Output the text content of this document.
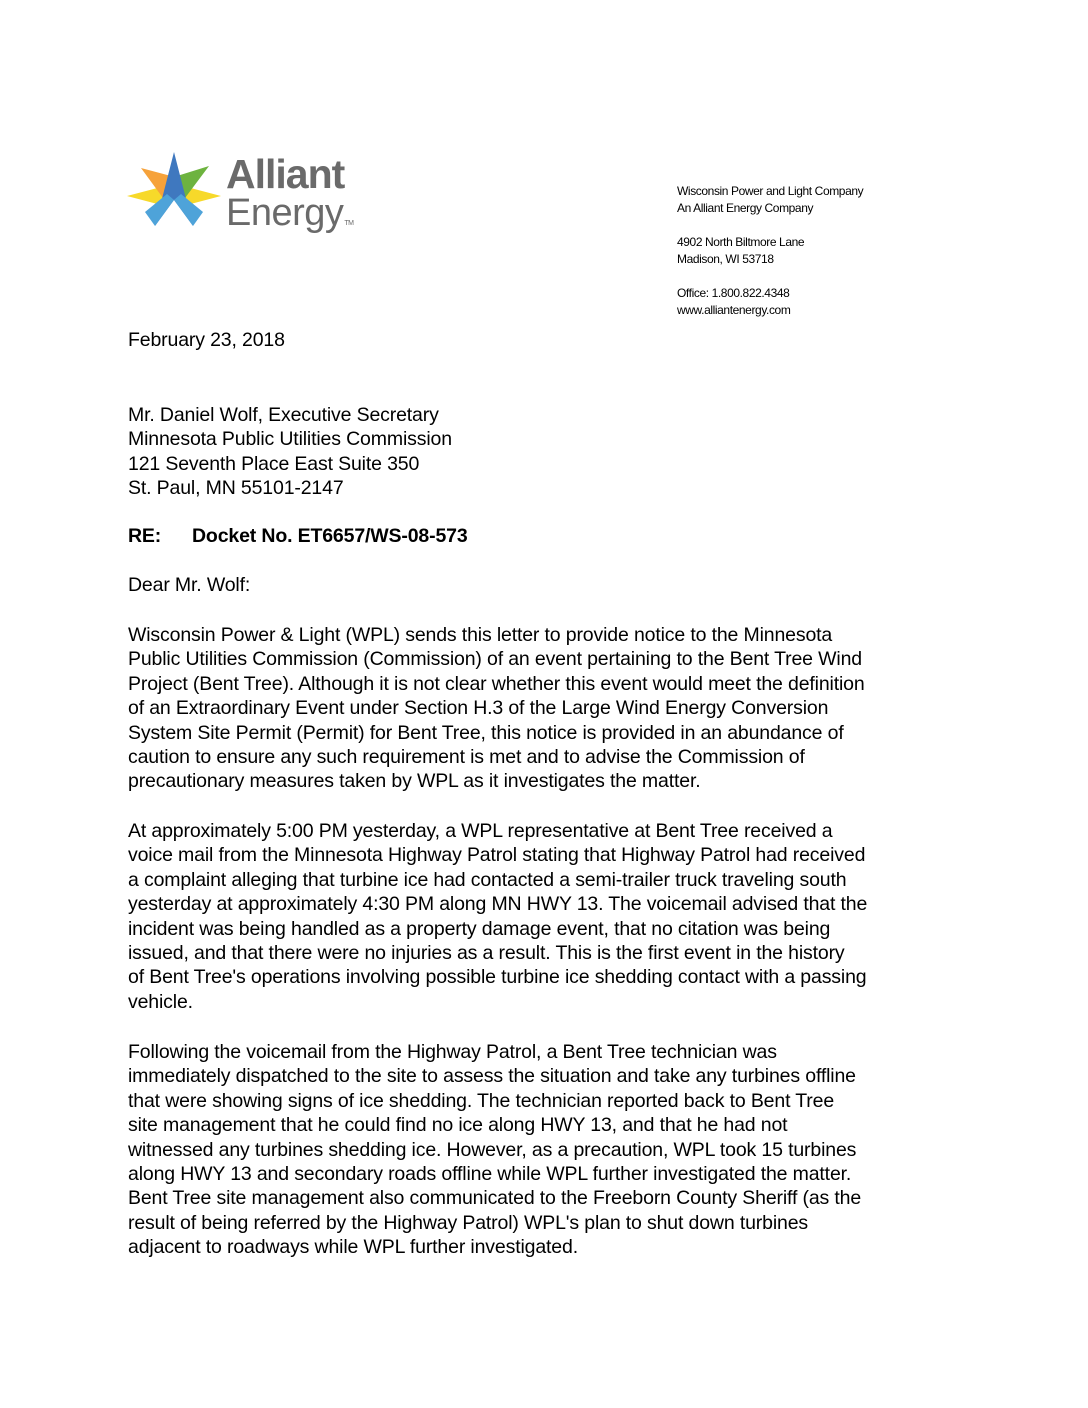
Alliant
EnergyTM
Wisconsin Power and Light Company
An Alliant Energy Company
4902 North Biltmore Lane
Madison, WI 53718
Office: 1.800.822.4348
www.alliantenergy.com
February 23, 2018
Mr. Daniel Wolf, Executive Secretary
Minnesota Public Utilities Commission
121 Seventh Place East Suite 350
St. Paul, MN 55101-2147
RE: Docket No. ET6657/WS-08-573
Dear Mr. Wolf:
Wisconsin Power & Light (WPL) sends this letter to provide notice to the Minnesota
Public Utilities Commission (Commission) of an event pertaining to the Bent Tree Wind
Project (Bent Tree). Although it is not clear whether this event would meet the definition
of an Extraordinary Event under Section H.3 of the Large Wind Energy Conversion
System Site Permit (Permit) for Bent Tree, this notice is provided in an abundance of
caution to ensure any such requirement is met and to advise the Commission of
precautionary measures taken by WPL as it investigates the matter.
At approximately 5:00 PM yesterday, a WPL representative at Bent Tree received a
voice mail from the Minnesota Highway Patrol stating that Highway Patrol had received
a complaint alleging that turbine ice had contacted a semi-trailer truck traveling south
yesterday at approximately 4:30 PM along MN HWY 13. The voicemail advised that the
incident was being handled as a property damage event, that no citation was being
issued, and that there were no injuries as a result. This is the first event in the history
of Bent Tree's operations involving possible turbine ice shedding contact with a passing
vehicle.
Following the voicemail from the Highway Patrol, a Bent Tree technician was
immediately dispatched to the site to assess the situation and take any turbines offline
that were showing signs of ice shedding. The technician reported back to Bent Tree
site management that he could find no ice along HWY 13, and that he had not
witnessed any turbines shedding ice. However, as a precaution, WPL took 15 turbines
along HWY 13 and secondary roads offline while WPL further investigated the matter.
Bent Tree site management also communicated to the Freeborn County Sheriff (as the
result of being referred by the Highway Patrol) WPL's plan to shut down turbines
adjacent to roadways while WPL further investigated.
